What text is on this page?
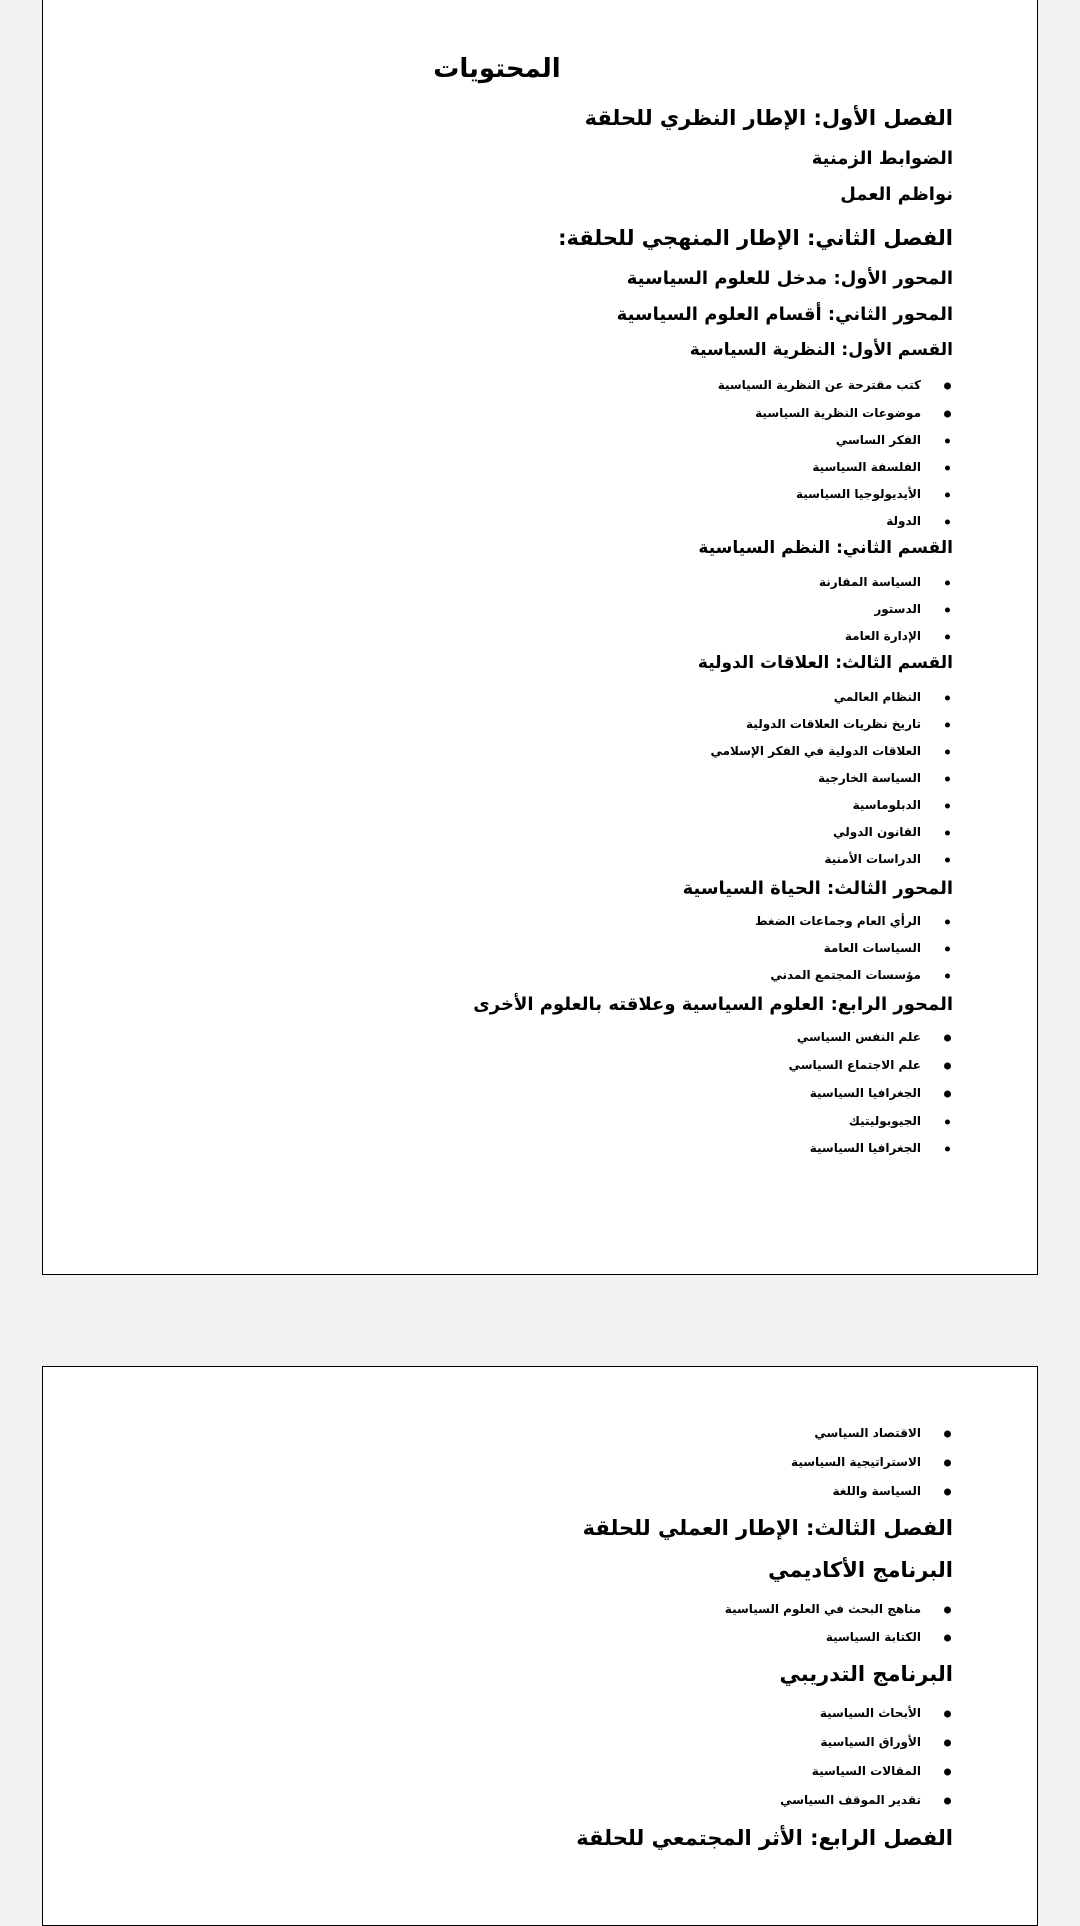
المحتويات

الفصل الأول: الإطار النظري للحلقة

الضوابط الزمنية

نواظم العمل

الفصل الثاني: الإطار المنهجي للحلقة:

المحور الأول: مدخل للعلوم السياسية

المحور الثاني: أقسام العلوم السياسية

القسم الأول: النظرية السياسية

كتب مقترحة عن النظرية السياسية

موضوعات النظرية السياسية

الفكر الساسي

الفلسفة السياسية

الأيديولوجيا السياسية

الدولة

القسم الثاني: النظم السياسية

السياسة المقارنة

الدستور

الإدارة العامة

القسم الثالث: العلاقات الدولية

النظام العالمي

تاريخ نظريات العلاقات الدولية

العلاقات الدولية في الفكر الإسلامي

السياسة الخارجية

الدبلوماسية

القانون الدولي

الدراسات الأمنية

المحور الثالث: الحياة السياسية

الرأي العام وجماعات الضغط

السياسات العامة

مؤسسات المجتمع المدني

المحور الرابع: العلوم السياسية وعلاقته بالعلوم الأخرى

علم النفس السياسي

علم الاجتماع السياسي

الجغرافيا السياسية

الجيوبوليتيك

الجغرافيا السياسية

الاقتصاد السياسي

الاستراتيجية السياسية

السياسة واللغة

الفصل الثالث: الإطار العملي للحلقة

البرنامج الأكاديمي

مناهج البحث في العلوم السياسية

الكتابة السياسية

البرنامج التدريبي

الأبحاث السياسية

الأوراق السياسية

المقالات السياسية

تقدير الموقف السياسي

الفصل الرابع: الأثر المجتمعي للحلقة
